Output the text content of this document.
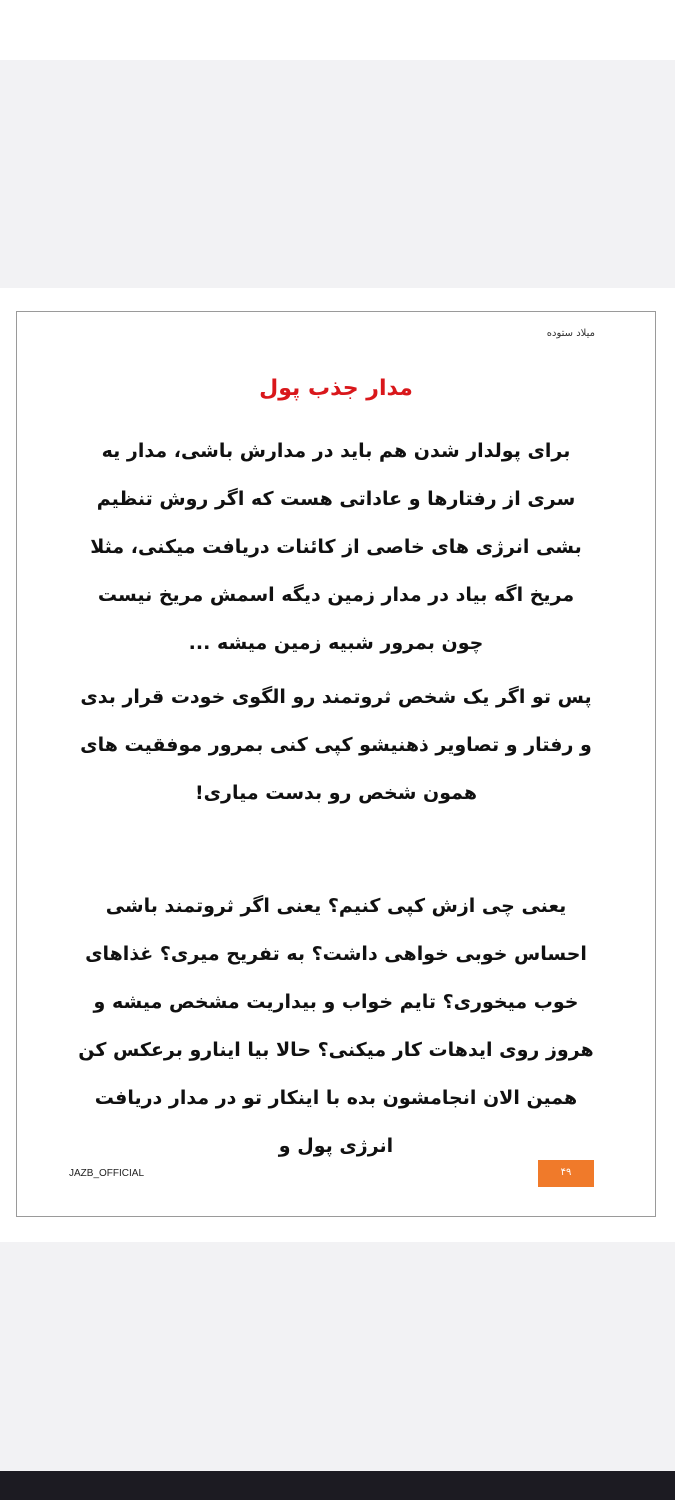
میلاد ستوده
مدار جذب پول

برای پولدار شدن هم باید در مدارش باشی، مدار یه سری از رفتارها و عاداتی هست که اگر روش تنظیم بشی انرژی های خاصی از کائنات دریافت میکنی، مثلا مریخ اگه بیاد در مدار زمین دیگه اسمش مریخ نیست چون بمرور شبیه زمین میشه ...

پس تو اگر یک شخص ثروتمند رو الگوی خودت قرار بدی و رفتار و تصاویر ذهنیشو کپی کنی بمرور موفقیت های همون شخص رو بدست میاری!

یعنی چی ازش کپی کنیم؟ یعنی اگر ثروتمند باشی احساس خوبی خواهی داشت؟ به تفریح میری؟ غذاهای خوب میخوری؟ تایم خواب و بیداریت مشخص میشه و هروز روی ایدهات کار میکنی؟ حالا بیا اینارو برعکس کن همین الان انجامشون بده با اینکار تو در مدار دریافت انرژی پول و

JAZB_OFFICIAL	۴۹
